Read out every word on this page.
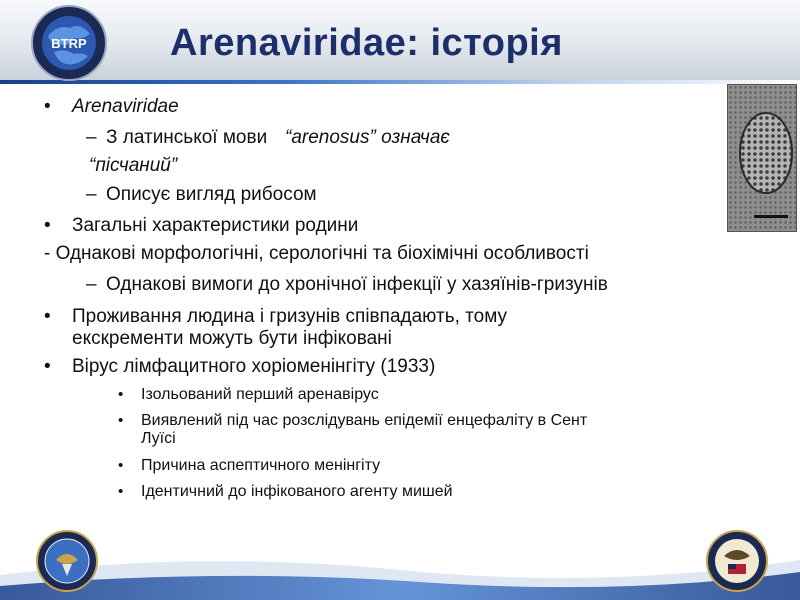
BTRP Arenaviridae: історія
• Arenaviridae
– З латинської мови “arenosus” означає
“пісчаний”
– Описує вигляд рибосом
• Загальні характеристики родини
- Однакові морфологічні, серологічні та біохімічні особливості
– Однакові вимоги до хронічної інфекції у хазяїнів-гризунів
• Проживання людина і гризунів співпадають, тому
екскременти можуть бути інфіковані
• Вірус лімфацитного хоріоменінгіту (1933)
• Ізольований перший аренавірус
• Виявлений під час розслідувань епідемії енцефаліту в Сент
Луїсі
• Причина аспептичного менінгіту
• Ідентичний до інфікованого агенту мишей
